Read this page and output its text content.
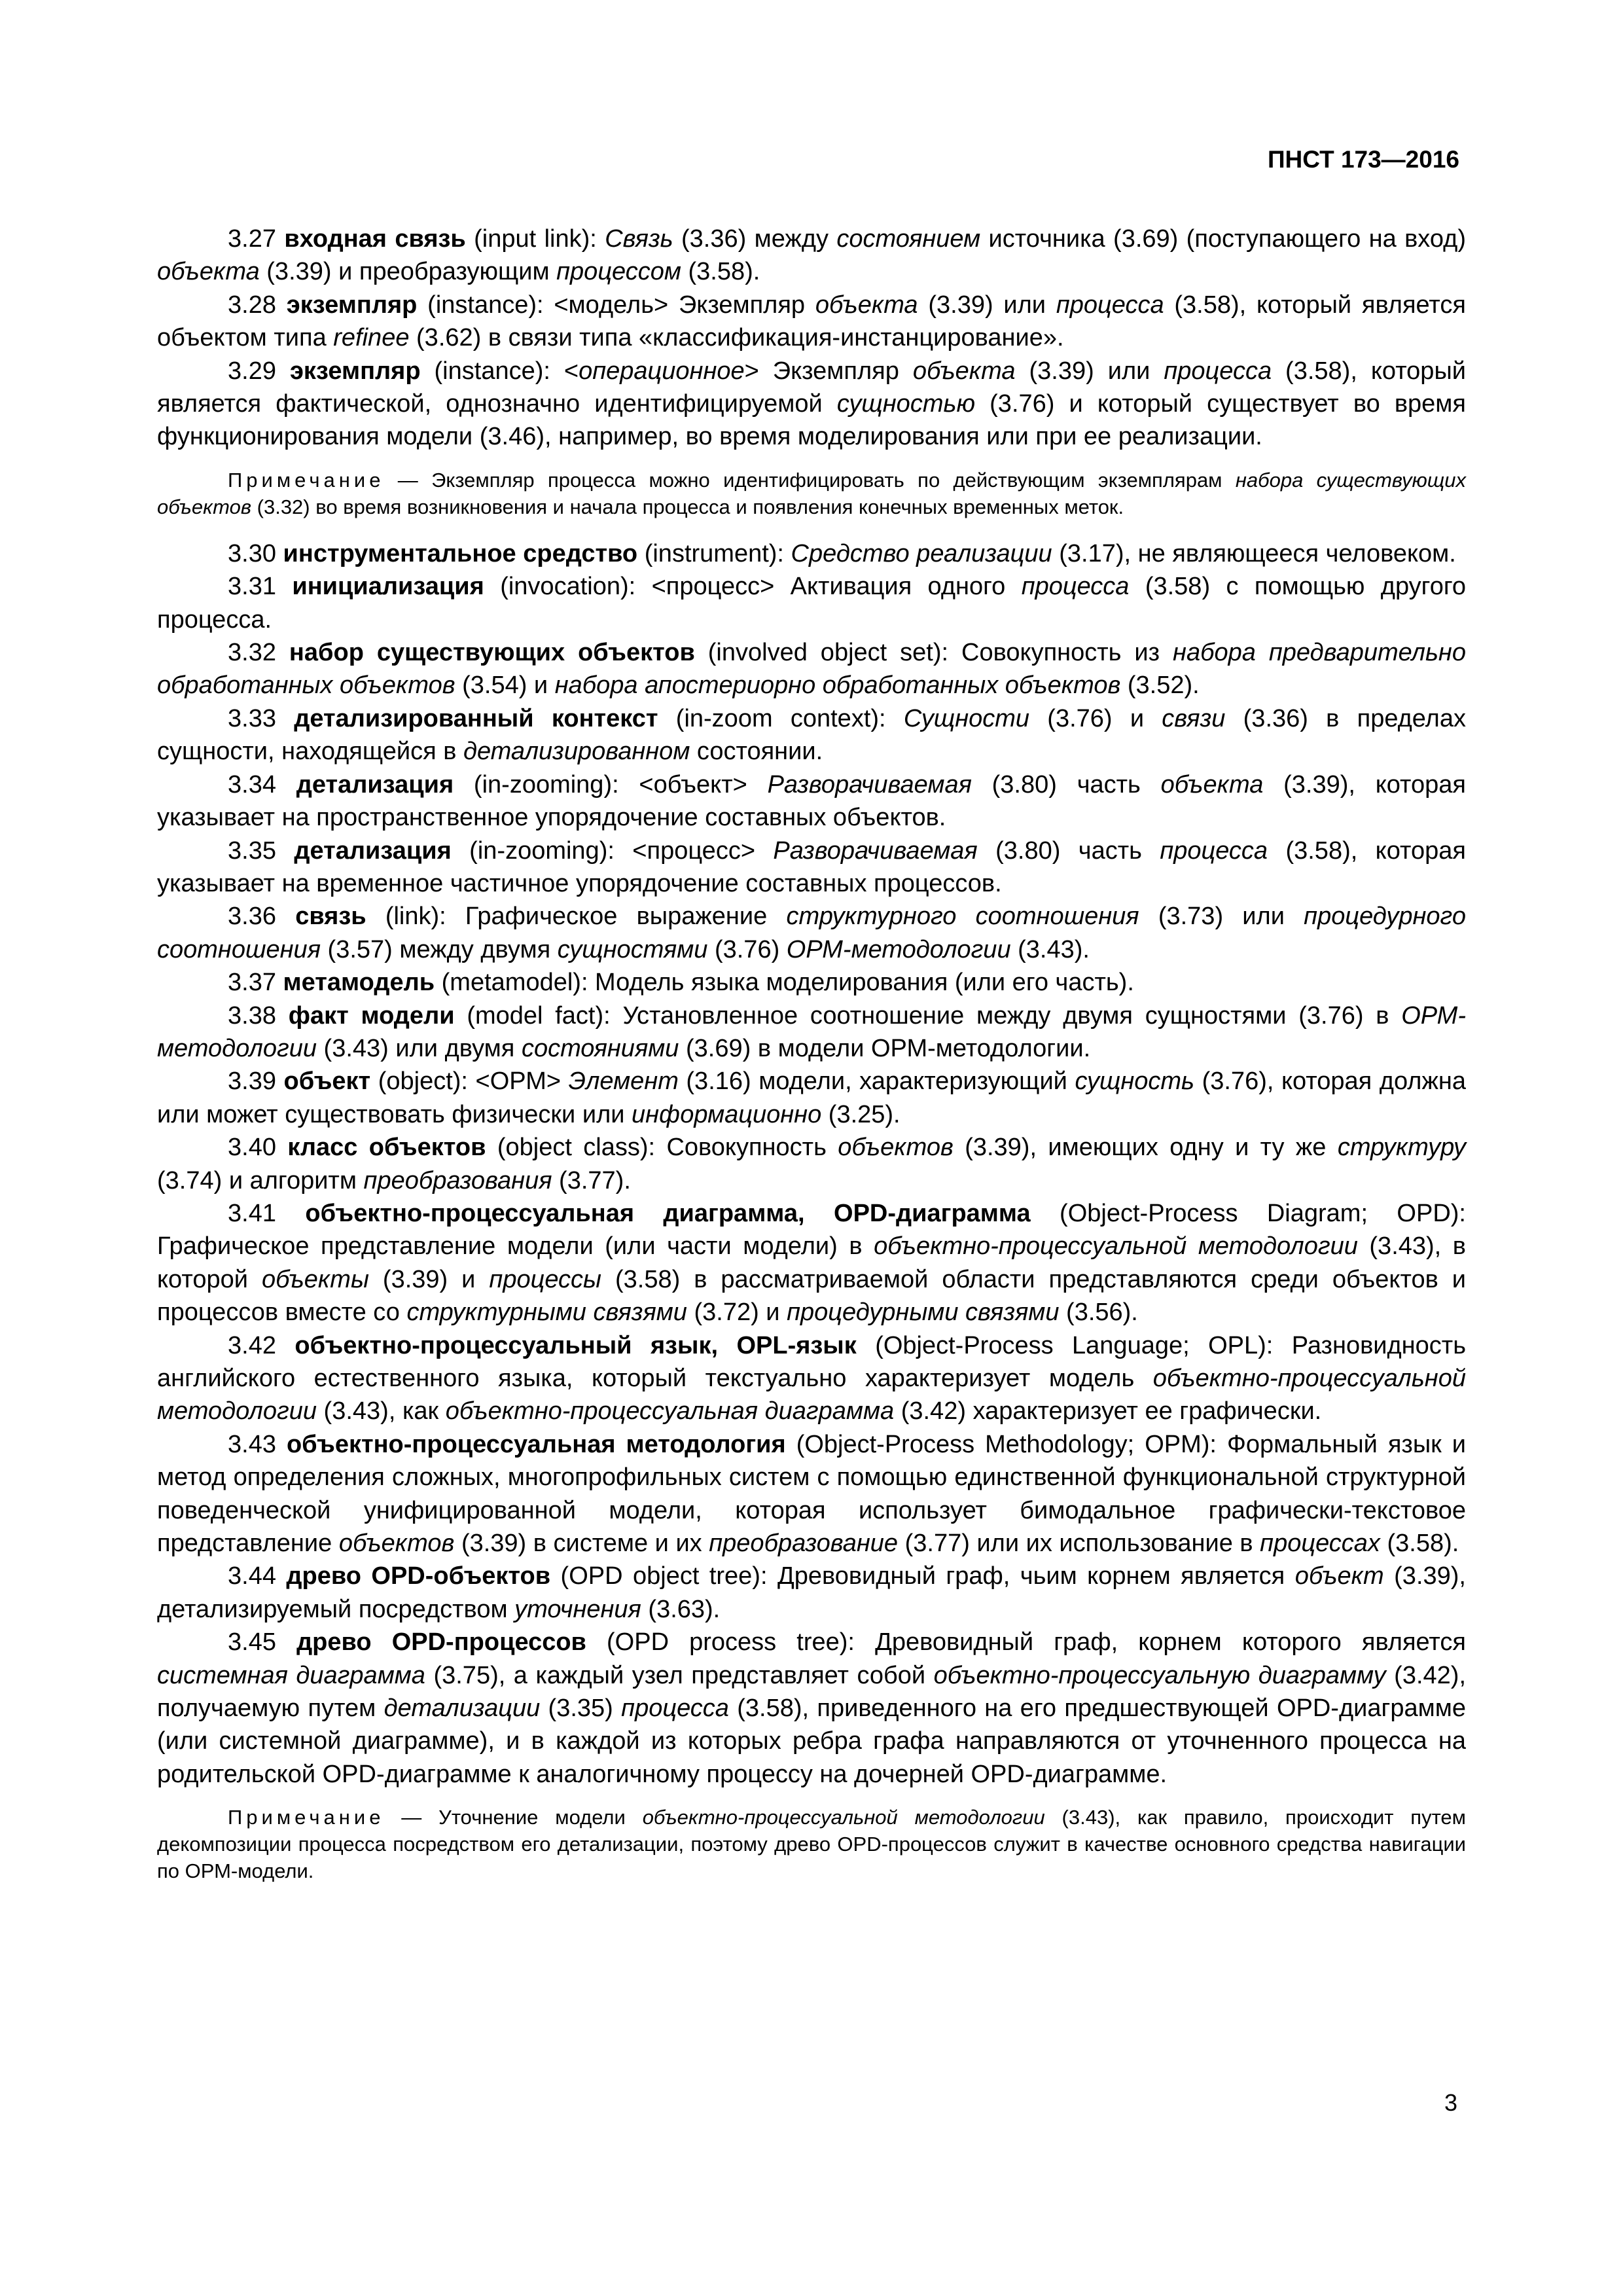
ПНСТ 173—2016

3.27 входная связь (input link): Связь (3.36) между состоянием источника (3.69) (поступающего на вход) объекта (3.39) и преобразующим процессом (3.58).

3.28 экземпляр (instance): <модель> Экземпляр объекта (3.39) или процесса (3.58), который является объектом типа refinee (3.62) в связи типа «классификация-инстанцирование».

3.29 экземпляр (instance): <операционное> Экземпляр объекта (3.39) или процесса (3.58), который является фактической, однозначно идентифицируемой сущностью (3.76) и который существует во время функционирования модели (3.46), например, во время моделирования или при ее реализации.

Примечание — Экземпляр процесса можно идентифицировать по действующим экземплярам набора существующих объектов (3.32) во время возникновения и начала процесса и появления конечных временных меток.

3.30 инструментальное средство (instrument): Средство реализации (3.17), не являющееся человеком.

3.31 инициализация (invocation): <процесс> Активация одного процесса (3.58) с помощью другого процесса.

3.32 набор существующих объектов (involved object set): Совокупность из набора предварительно обработанных объектов (3.54) и набора апостериорно обработанных объектов (3.52).

3.33 детализированный контекст (in-zoom context): Сущности (3.76) и связи (3.36) в пределах сущности, находящейся в детализированном состоянии.

3.34 детализация (in-zooming): <объект> Разворачиваемая (3.80) часть объекта (3.39), которая указывает на пространственное упорядочение составных объектов.

3.35 детализация (in-zooming): <процесс> Разворачиваемая (3.80) часть процесса (3.58), которая указывает на временное частичное упорядочение составных процессов.

3.36 связь (link): Графическое выражение структурного соотношения (3.73) или процедурного соотношения (3.57) между двумя сущностями (3.76) ОРМ-методологии (3.43).

3.37 метамодель (metamodel): Модель языка моделирования (или его часть).

3.38 факт модели (model fact): Установленное соотношение между двумя сущностями (3.76) в ОРМ-методологии (3.43) или двумя состояниями (3.69) в модели ОРМ-методологии.

3.39 объект (object): <ОРМ> Элемент (3.16) модели, характеризующий сущность (3.76), которая должна или может существовать физически или информационно (3.25).

3.40 класс объектов (object class): Совокупность объектов (3.39), имеющих одну и ту же структуру (3.74) и алгоритм преобразования (3.77).

3.41 объектно-процессуальная диаграмма, OPD-диаграмма (Object-Process Diagram; OPD): Графическое представление модели (или части модели) в объектно-процессуальной методологии (3.43), в которой объекты (3.39) и процессы (3.58) в рассматриваемой области представляются среди объектов и процессов вместе со структурными связями (3.72) и процедурными связями (3.56).

3.42 объектно-процессуальный язык, OPL-язык (Object-Process Language; OPL): Разновидность английского естественного языка, который текстуально характеризует модель объектно-процессуальной методологии (3.43), как объектно-процессуальная диаграмма (3.42) характеризует ее графически.

3.43 объектно-процессуальная методология (Object-Process Methodology; OPM): Формальный язык и метод определения сложных, многопрофильных систем с помощью единственной функциональной структурной поведенческой унифицированной модели, которая использует бимодальное графически-текстовое представление объектов (3.39) в системе и их преобразование (3.77) или их использование в процессах (3.58).

3.44 древо OPD-объектов (OPD object tree): Древовидный граф, чьим корнем является объект (3.39), детализируемый посредством уточнения (3.63).

3.45 древо OPD-процессов (OPD process tree): Древовидный граф, корнем которого является системная диаграмма (3.75), а каждый узел представляет собой объектно-процессуальную диаграмму (3.42), получаемую путем детализации (3.35) процесса (3.58), приведенного на его предшествующей OPD-диаграмме (или системной диаграмме), и в каждой из которых ребра графа направляются от уточненного процесса на родительской OPD-диаграмме к аналогичному процессу на дочерней OPD-диаграмме.

Примечание — Уточнение модели объектно-процессуальной методологии (3.43), как правило, происходит путем декомпозиции процесса посредством его детализации, поэтому древо OPD-процессов служит в качестве основного средства навигации по ОРМ-модели.

3
